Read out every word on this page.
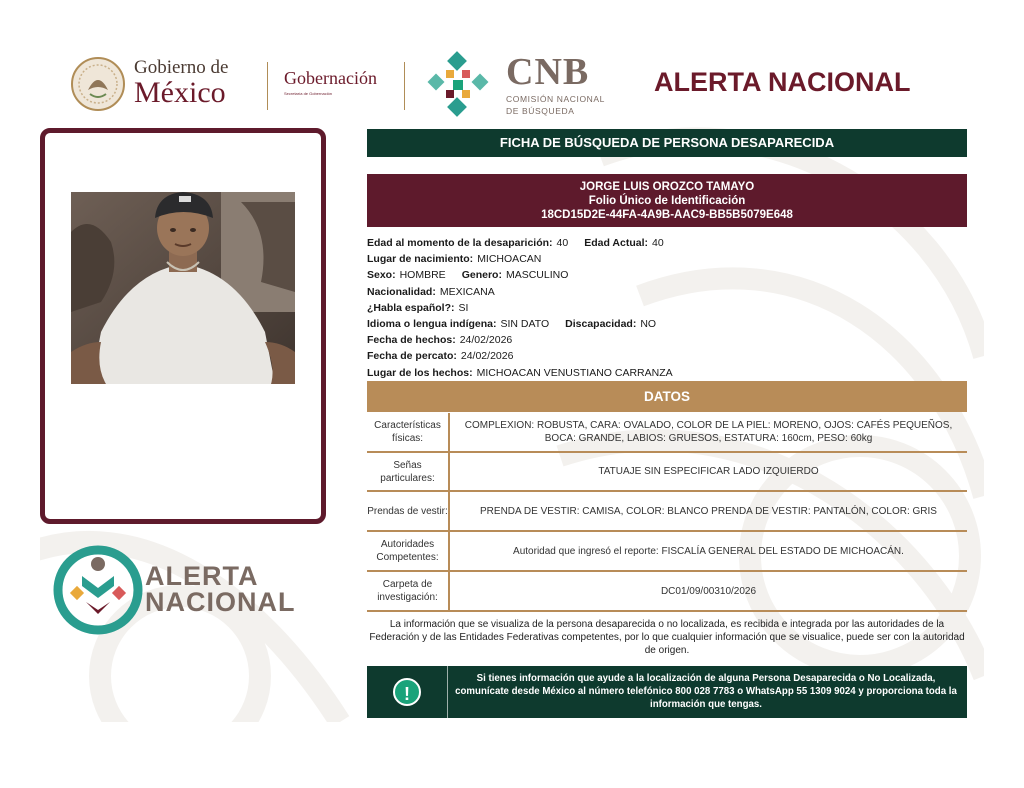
Gobierno de
México	Gobernación
Secretaría de Gobernación
CNB
COMISIÓN NACIONAL
DE BÚSQUEDA
ALERTA NACIONAL
ALERTA
NACIONAL
FICHA DE BÚSQUEDA DE PERSONA DESAPARECIDA
JORGE LUIS OROZCO TAMAYO
Folio Único de Identificación
18CD15D2E-44FA-4A9B-AAC9-BB5B5079E648
Edad al momento de la desaparición: 40 Edad Actual: 40
Lugar de nacimiento: MICHOACAN
Sexo: HOMBRE Genero: MASCULINO
Nacionalidad: MEXICANA
¿Habla español?: SI
Idioma o lengua indígena: SIN DATO Discapacidad: NO
Fecha de hechos: 24/02/2026
Fecha de percato: 24/02/2026
Lugar de los hechos: MICHOACAN VENUSTIANO CARRANZA
DATOS
Características físicas:	COMPLEXION: ROBUSTA, CARA: OVALADO, COLOR DE LA PIEL: MORENO, OJOS: CAFÉS PEQUEÑOS, BOCA: GRANDE, LABIOS: GRUESOS, ESTATURA: 160cm, PESO: 60kg
Señas particulares:	TATUAJE SIN ESPECIFICAR LADO IZQUIERDO
Prendas de vestir:	PRENDA DE VESTIR: CAMISA, COLOR: BLANCO PRENDA DE VESTIR: PANTALÓN, COLOR: GRIS
Autoridades Competentes:	Autoridad que ingresó el reporte: FISCALÍA GENERAL DEL ESTADO DE MICHOACÁN.
Carpeta de investigación:	DC01/09/00310/2026
La información que se visualiza de la persona desaparecida o no localizada, es recibida e integrada por las autoridades de la Federación y de las Entidades Federativas competentes, por lo que cualquier información que se visualice, puede ser con la autoridad de origen.
!
Si tienes información que ayude a la localización de alguna Persona Desaparecida o No Localizada, comunícate desde México al número telefónico 800 028 7783 o WhatsApp 55 1309 9024 y proporciona toda la información que tengas.
